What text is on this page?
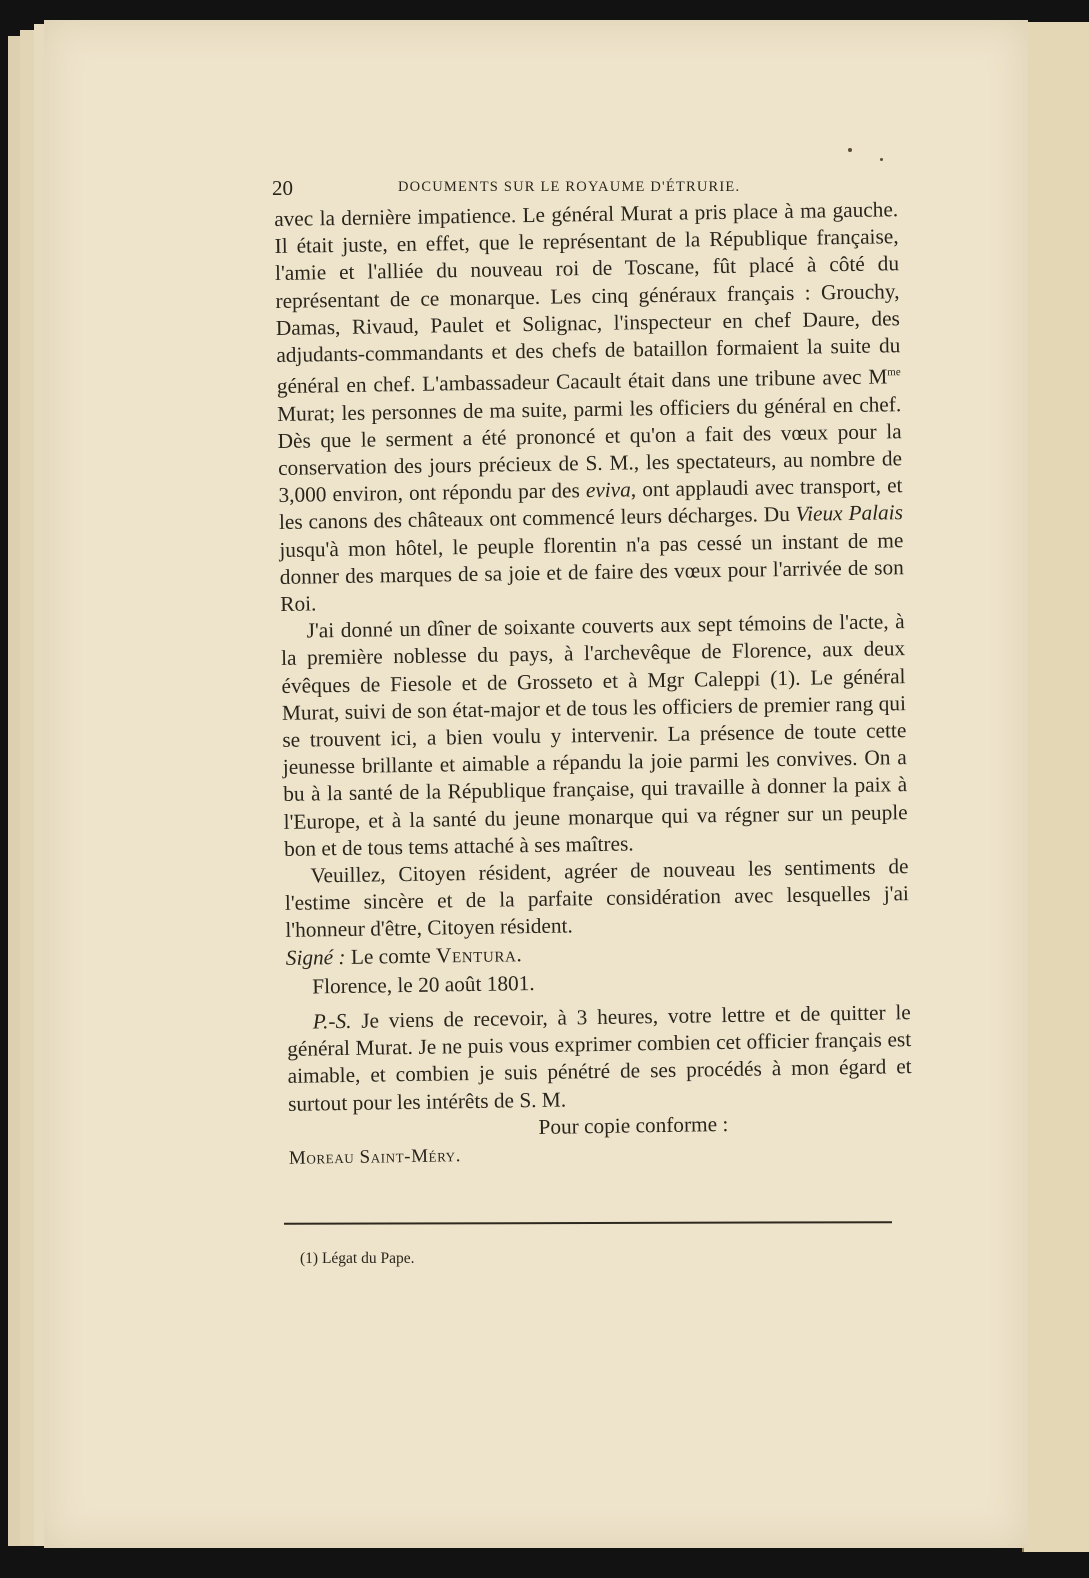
20	DOCUMENTS SUR LE ROYAUME D'ÉTRURIE.

avec la dernière impatience. Le général Murat a pris place à ma gauche. Il était juste, en effet, que le représentant de la République française, l'amie et l'alliée du nouveau roi de Toscane, fût placé à côté du représentant de ce monarque. Les cinq généraux français : Grouchy, Damas, Rivaud, Paulet et Solignac, l'inspecteur en chef Daure, des adjudants-commandants et des chefs de bataillon formaient la suite du général en chef. L'ambassadeur Cacault était dans une tribune avec $M^{me}$ Murat; les personnes de ma suite, parmi les officiers du général en chef. Dès que le serment a été prononcé et qu'on a fait des vœux pour la conservation des jours précieux de S. M., les spectateurs, au nombre de 3,000 environ, ont répondu par des eviva, ont applaudi avec transport, et les canons des châteaux ont commencé leurs décharges. Du Vieux Palais jusqu'à mon hôtel, le peuple florentin n'a pas cessé un instant de me donner des marques de sa joie et de faire des vœux pour l'arrivée de son Roi.

J'ai donné un dîner de soixante couverts aux sept témoins de l'acte, à la première noblesse du pays, à l'archevêque de Florence, aux deux évêques de Fiesole et de Grosseto et à Mgr Caleppi (1). Le général Murat, suivi de son état-major et de tous les officiers de premier rang qui se trouvent ici, a bien voulu y intervenir. La présence de toute cette jeunesse brillante et aimable a répandu la joie parmi les convives. On a bu à la santé de la République française, qui travaille à donner la paix à l'Europe, et à la santé du jeune monarque qui va régner sur un peuple bon et de tous tems attaché à ses maîtres.

Veuillez, Citoyen résident, agréer de nouveau les sentiments de l'estime sincère et de la parfaite considération avec lesquelles j'ai l'honneur d'être, Citoyen résident.

Signé : Le comte Ventura.

Florence, le 20 août 1801.

P.-S. Je viens de recevoir, à 3 heures, votre lettre et de quitter le général Murat. Je ne puis vous exprimer combien cet officier français est aimable, et combien je suis pénétré de ses procédés à mon égard et surtout pour les intérêts de S. M.

Pour copie conforme :

Moreau Saint-Méry.

(1) Légat du Pape.
